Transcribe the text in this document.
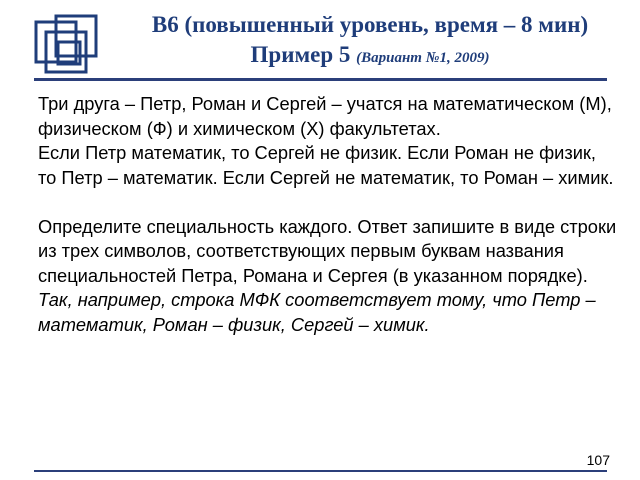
B6 (повышенный уровень, время – 8 мин)
Пример 5 (Вариант №1, 2009)

Три друга – Петр, Роман и Сергей – учатся на математическом (М), физическом (Ф) и химическом (Х) факультетах.

Если Петр математик, то Сергей не физик. Если Роман не физик, то Петр – математик. Если Сергей не математик, то Роман – химик.

Определите специальность каждого. Ответ запишите в виде строки из трех символов, соответствующих первым буквам названия специальностей Петра, Романа и Сергея (в указанном порядке). Так, например, строка МФК соответствует тому, что Петр – математик, Роман – физик, Сергей – химик.

107
